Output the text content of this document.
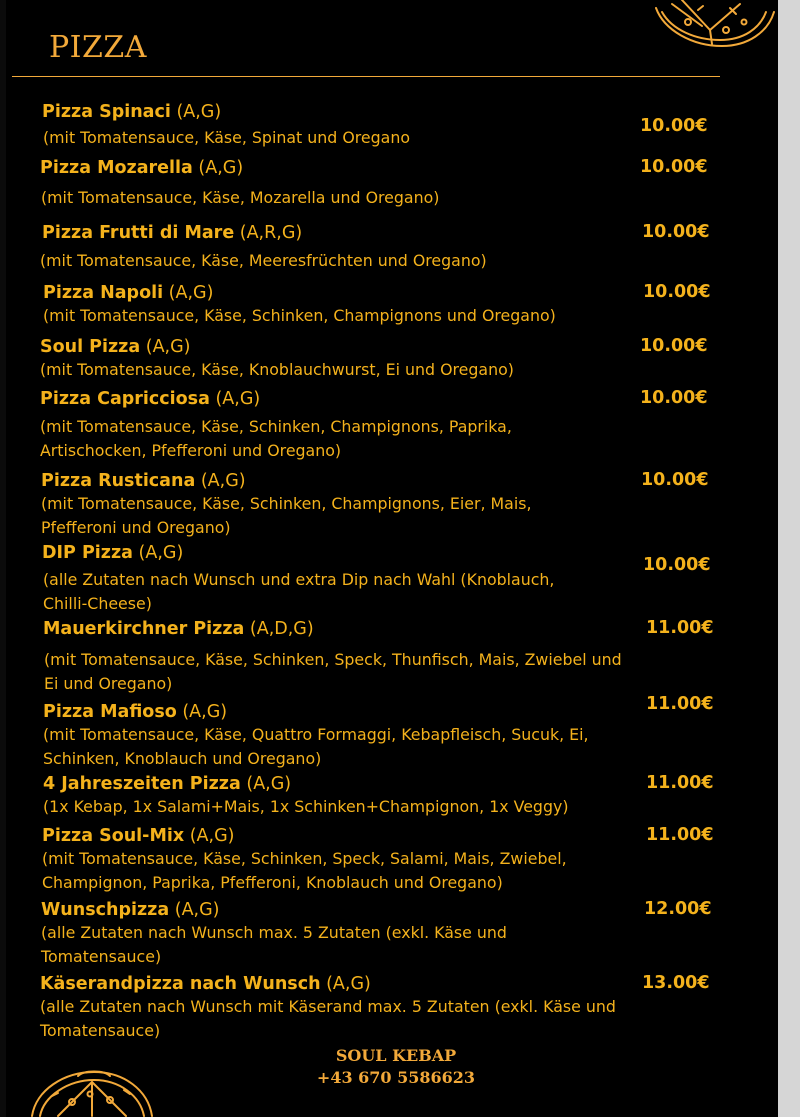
PIZZA
Pizza Spinaci (A,G)
(mit Tomatensauce, Käse, Spinat und Oregano
10.00€
Pizza Mozarella (A,G)
(mit Tomatensauce, Käse, Mozarella und Oregano)
10.00€
Pizza Frutti di Mare (A,R,G)
(mit Tomatensauce, Käse, Meeresfrüchten und Oregano)
10.00€
Pizza Napoli (A,G)
(mit Tomatensauce, Käse, Schinken, Champignons und Oregano)
10.00€
Soul Pizza (A,G)
(mit Tomatensauce, Käse, Knoblauchwurst, Ei und Oregano)
10.00€
Pizza Capricciosa (A,G)
(mit Tomatensauce, Käse, Schinken, Champignons, Paprika, Artischocken, Pfefferoni und Oregano)
10.00€
Pizza Rusticana (A,G)
(mit Tomatensauce, Käse, Schinken, Champignons, Eier, Mais, Pfefferoni und Oregano)
10.00€
DIP Pizza (A,G)
(alle Zutaten nach Wunsch und extra Dip nach Wahl (Knoblauch, Chilli-Cheese)
10.00€
Mauerkirchner Pizza (A,D,G)
(mit Tomatensauce, Käse, Schinken, Speck, Thunfisch, Mais, Zwiebel und Ei und Oregano)
11.00€
Pizza Mafioso (A,G)
(mit Tomatensauce, Käse, Quattro Formaggi, Kebapfleisch, Sucuk, Ei, Schinken, Knoblauch und Oregano)
11.00€
4 Jahreszeiten Pizza (A,G)
(1x Kebap, 1x Salami+Mais, 1x Schinken+Champignon, 1x Veggy)
11.00€
Pizza Soul-Mix (A,G)
(mit Tomatensauce, Käse, Schinken, Speck, Salami, Mais, Zwiebel, Champignon, Paprika, Pfefferoni, Knoblauch und Oregano)
11.00€
Wunschpizza (A,G)
(alle Zutaten nach Wunsch max. 5 Zutaten (exkl. Käse und Tomatensauce)
12.00€
Käserandpizza nach Wunsch (A,G)
(alle Zutaten nach Wunsch mit Käserand max. 5 Zutaten (exkl. Käse und Tomatensauce)
13.00€
SOUL KEBAP
+43 670 5586623
